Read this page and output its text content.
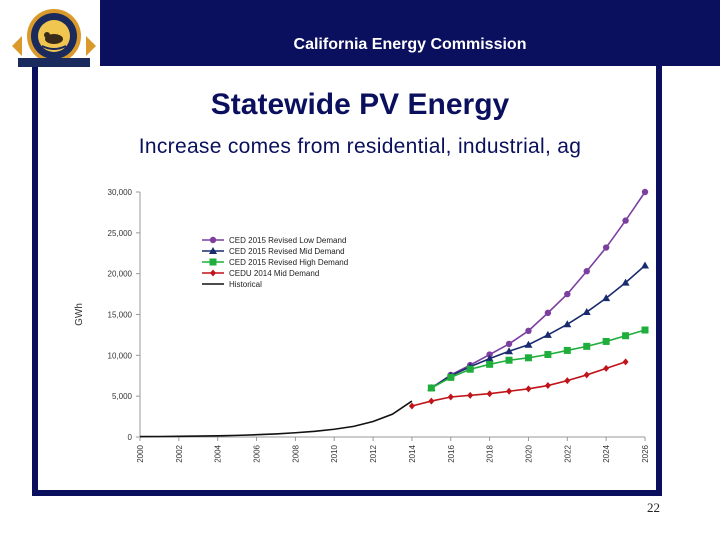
California Energy Commission
Statewide PV Energy
Increase comes from residential, industrial, ag
0
5,000
10,000
15,000
20,000
25,000
30,000
2000	2002	2004	2006	2008	2010	2012	2014	2016	2018	2020	2022	2024	2026
GWh
CED 2015 Revised Low Demand
CED 2015 Revised Mid Demand
CED 2015 Revised High Demand
CEDU 2014 Mid Demand
Historical
22
